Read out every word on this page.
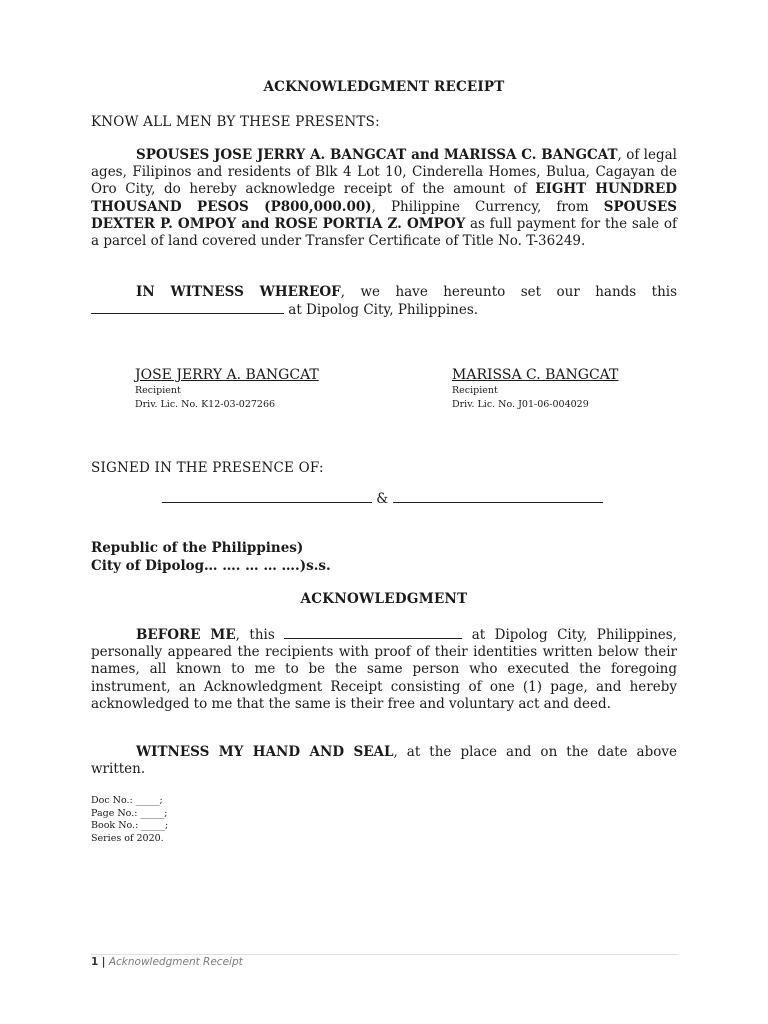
ACKNOWLEDGMENT RECEIPT
KNOW ALL MEN BY THESE PRESENTS:
SPOUSES JOSE JERRY A. BANGCAT and MARISSA C. BANGCAT, of legal ages, Filipinos and residents of Blk 4 Lot 10, Cinderella Homes, Bulua, Cagayan de Oro City, do hereby acknowledge receipt of the amount of EIGHT HUNDRED THOUSAND PESOS (P800,000.00), Philippine Currency, from SPOUSES DEXTER P. OMPOY and ROSE PORTIA Z. OMPOY as full payment for the sale of a parcel of land covered under Transfer Certificate of Title No. T-36249.
IN WITNESS WHEREOF, we have hereunto set our hands this  at Dipolog City, Philippines.
JOSE JERRY A. BANGCAT
Recipient
Driv. Lic. No. K12-03-027266
MARISSA C. BANGCAT
Recipient
Driv. Lic. No. J01-06-004029
SIGNED IN THE PRESENCE OF:
&
Republic of the Philippines)
City of Dipolog… …. … … ….)s.s.
ACKNOWLEDGMENT
BEFORE ME, this	at Dipolog City, Philippines, personally appeared the recipients with proof of their identities written below their names, all known to me to be the same person who executed the foregoing instrument, an Acknowledgment Receipt consisting of one (1) page, and hereby acknowledged to me that the same is their free and voluntary act and deed.
WITNESS MY HAND AND SEAL, at the place and on the date above written.
Doc No.: _____;
Page No.: _____;
Book No.: _____;
Series of 2020.
1 | Acknowledgment Receipt
